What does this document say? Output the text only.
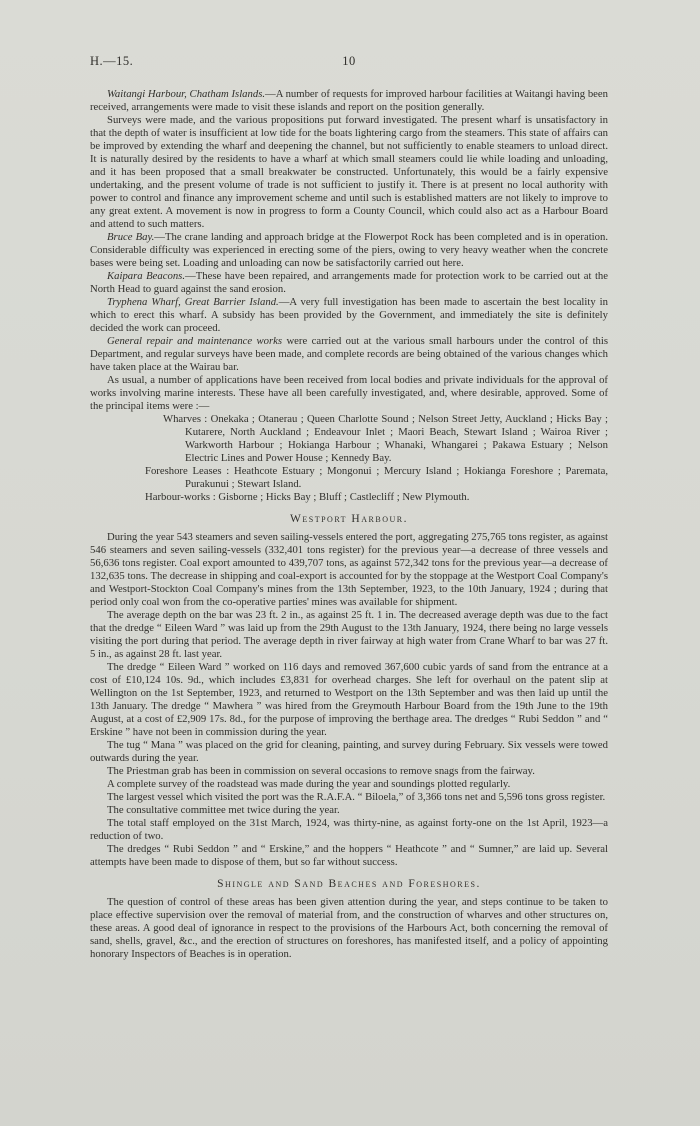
H.—15.	10

Waitangi Harbour, Chatham Islands.—A number of requests for improved harbour facilities at Waitangi having been received, arrangements were made to visit these islands and report on the position generally.

Surveys were made, and the various propositions put forward investigated. The present wharf is unsatisfactory in that the depth of water is insufficient at low tide for the boats lightering cargo from the steamers. This state of affairs can be improved by extending the wharf and deepening the channel, but not sufficiently to enable steamers to unload direct. It is naturally desired by the residents to have a wharf at which small steamers could lie while loading and unloading, and it has been proposed that a small breakwater be constructed. Unfortunately, this would be a fairly expensive undertaking, and the present volume of trade is not sufficient to justify it. There is at present no local authority with power to control and finance any improvement scheme and until such is established matters are not likely to improve to any great extent. A movement is now in progress to form a County Council, which could also act as a Harbour Board and attend to such matters.

Bruce Bay.—The crane landing and approach bridge at the Flowerpot Rock has been completed and is in operation. Considerable difficulty was experienced in erecting some of the piers, owing to very heavy weather when the concrete bases were being set. Loading and unloading can now be satisfactorily carried out here.

Kaipara Beacons.—These have been repaired, and arrangements made for protection work to be carried out at the North Head to guard against the sand erosion.

Tryphena Wharf, Great Barrier Island.—A very full investigation has been made to ascertain the best locality in which to erect this wharf. A subsidy has been provided by the Government, and immediately the site is definitely decided the work can proceed.

General repair and maintenance works were carried out at the various small harbours under the control of this Department, and regular surveys have been made, and complete records are being obtained of the various changes which have taken place at the Wairau bar.

As usual, a number of applications have been received from local bodies and private individuals for the approval of works involving marine interests. These have all been carefully investigated, and, where desirable, approved. Some of the principal items were :—

Wharves : Onekaka ; Otanerau ; Queen Charlotte Sound ; Nelson Street Jetty, Auckland ; Hicks Bay ; Kutarere, North Auckland ; Endeavour Inlet ; Maori Beach, Stewart Island ; Wairoa River ; Warkworth Harbour ; Hokianga Harbour ; Whanaki, Whangarei ; Pakawa Estuary ; Nelson Electric Lines and Power House ; Kennedy Bay.

Foreshore Leases : Heathcote Estuary ; Mongonui ; Mercury Island ; Hokianga Foreshore ; Paremata, Purakunui ; Stewart Island.

Harbour-works : Gisborne ; Hicks Bay ; Bluff ; Castlecliff ; New Plymouth.

Westport Harbour.

During the year 543 steamers and seven sailing-vessels entered the port, aggregating 275,765 tons register, as against 546 steamers and seven sailing-vessels (332,401 tons register) for the previous year—a decrease of three vessels and 56,636 tons register. Coal export amounted to 439,707 tons, as against 572,342 tons for the previous year—a decrease of 132,635 tons. The decrease in shipping and coal-export is accounted for by the stoppage at the Westport Coal Company's and Westport-Stockton Coal Company's mines from the 13th September, 1923, to the 10th January, 1924 ; during that period only coal won from the co-operative parties' mines was available for shipment.

The average depth on the bar was 23 ft. 2 in., as against 25 ft. 1 in. The decreased average depth was due to the fact that the dredge “ Eileen Ward ” was laid up from the 29th August to the 13th January, 1924, there being no large vessels visiting the port during that period. The average depth in river fairway at high water from Crane Wharf to bar was 27 ft. 5 in., as against 28 ft. last year.

The dredge “ Eileen Ward ” worked on 116 days and removed 367,600 cubic yards of sand from the entrance at a cost of £10,124 10s. 9d., which includes £3,831 for overhead charges. She left for overhaul on the patent slip at Wellington on the 1st September, 1923, and returned to Westport on the 13th September and was then laid up until the 13th January. The dredge “ Mawhera ” was hired from the Greymouth Harbour Board from the 19th June to the 19th August, at a cost of £2,909 17s. 8d., for the purpose of improving the berthage area. The dredges “ Rubi Seddon ” and “ Erskine ” have not been in commission during the year.

The tug “ Mana ” was placed on the grid for cleaning, painting, and survey during February. Six vessels were towed outwards during the year.

The Priestman grab has been in commission on several occasions to remove snags from the fairway.

A complete survey of the roadstead was made during the year and soundings plotted regularly.

The largest vessel which visited the port was the R.A.F.A. “ Biloela,” of 3,366 tons net and 5,596 tons gross register.

The consultative committee met twice during the year.

The total staff employed on the 31st March, 1924, was thirty-nine, as against forty-one on the 1st April, 1923—a reduction of two.

The dredges “ Rubi Seddon ” and “ Erskine,” and the hoppers “ Heathcote ” and “ Sumner,” are laid up. Several attempts have been made to dispose of them, but so far without success.

Shingle and Sand Beaches and Foreshores.

The question of control of these areas has been given attention during the year, and steps continue to be taken to place effective supervision over the removal of material from, and the construction of wharves and other structures on, these areas. A good deal of ignorance in respect to the provisions of the Harbours Act, both concerning the removal of sand, shells, gravel, &c., and the erection of structures on foreshores, has manifested itself, and a policy of appointing honorary Inspectors of Beaches is in operation.
